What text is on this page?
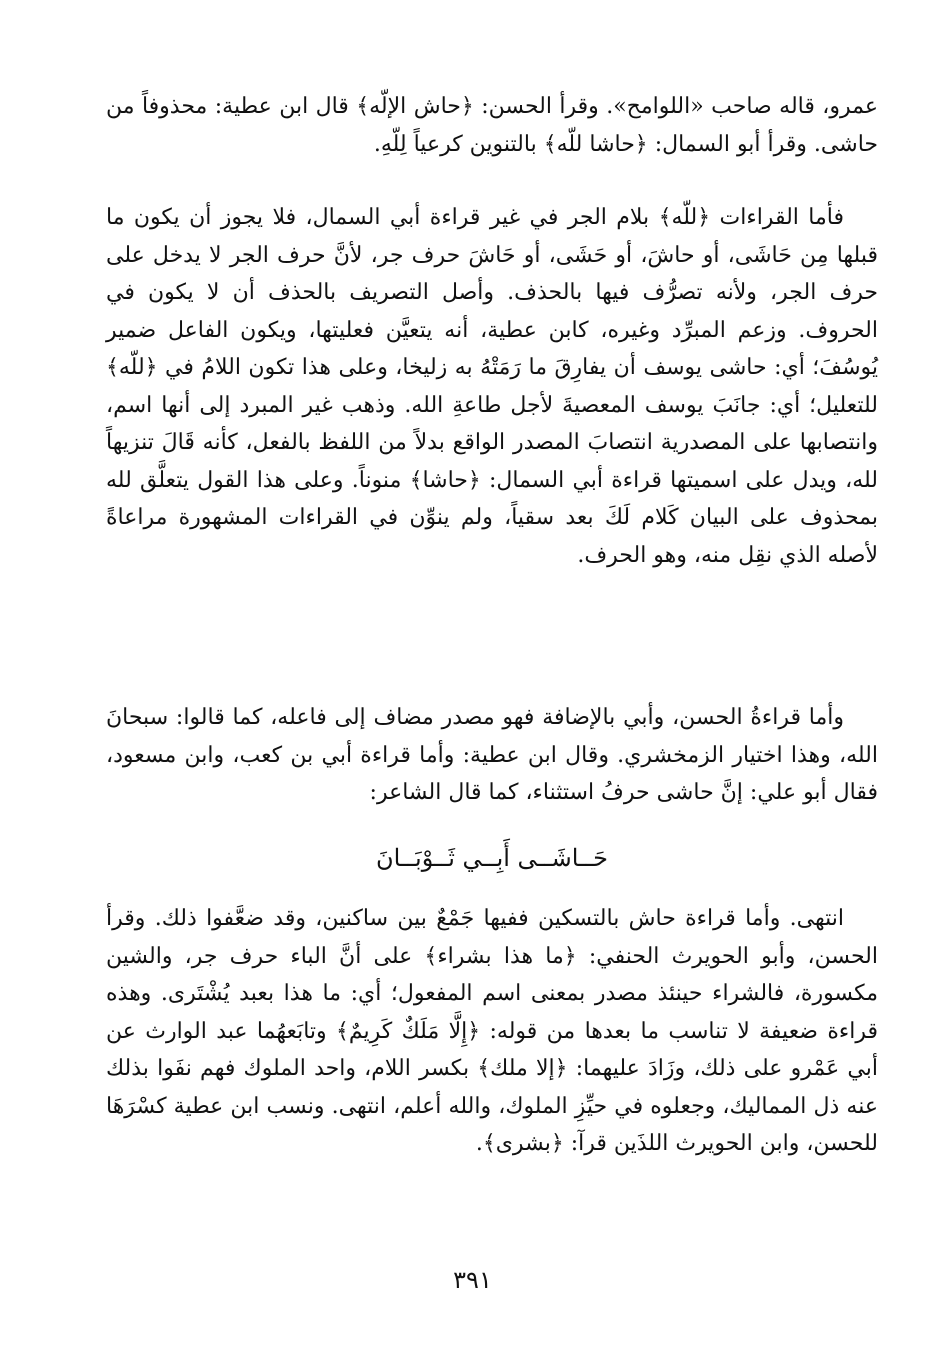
عمرو، قاله صاحب «اللوامح». وقرأ الحسن: ﴿حاش الإلّه﴾ قال ابن عطية: محذوفاً من حاشى. وقرأ أبو السمال: ﴿حاشا للّه﴾ بالتنوين كرعياً لِلّهِ.

فأما القراءات ﴿للّه﴾ بلام الجر في غير قراءة أبي السمال، فلا يجوز أن يكون ما قبلها مِن حَاشَى، أو حاشَ، أو حَشَى، أو حَاشَ حرف جر، لأنَّ حرف الجر لا يدخل على حرف الجر، ولأنه تصرُّف فيها بالحذف. وأصل التصريف بالحذف أن لا يكون في الحروف. وزعم المبرِّد وغيره، كابن عطية، أنه يتعيَّن فعليتها، ويكون الفاعل ضمير يُوسُفَ؛ أي: حاشى يوسف أن يفارِقَ ما رَمَتْهُ به زليخا، وعلى هذا تكون اللامُ في ﴿للّه﴾ للتعليل؛ أي: جانَبَ يوسف المعصيةَ لأجل طاعةِ الله. وذهب غير المبرد إلى أنها اسم، وانتصابها على المصدرية انتصابَ المصدر الواقع بدلاً من اللفظ بالفعل، كأنه قَالَ تنزيهاً لله، ويدل على اسميتها قراءة أبي السمال: ﴿حاشا﴾ منوناً. وعلى هذا القول يتعلَّق لله بمحذوف على البيان كَلام لَكَ بعد سقياً، ولم ينوِّن في القراءات المشهورة مراعاةً لأصله الذي نقِل منه، وهو الحرف.

وأما قراءةُ الحسن، وأبي بالإضافة فهو مصدر مضاف إلى فاعله، كما قالوا: سبحانَ الله، وهذا اختيار الزمخشري. وقال ابن عطية: وأما قراءة أبي بن كعب، وابن مسعود، فقال أبو علي: إنَّ حاشى حرفُ استثناء، كما قال الشاعر:

حَــاشَــى أَبِــي ثَــوْبَــانَ

انتهى. وأما قراءة حاش بالتسكين ففيها جَمْعٌ بين ساكنين، وقد ضعَّفوا ذلك. وقرأ الحسن، وأبو الحويرث الحنفي: ﴿ما هذا بشراء﴾ على أنَّ الباء حرف جر، والشين مكسورة، فالشراء حينئذ مصدر بمعنى اسم المفعول؛ أي: ما هذا بعبد يُشْتَرى. وهذه قراءة ضعيفة لا تناسب ما بعدها من قوله: ﴿إِلَّا مَلَكٌ كَرِيمٌ﴾ وتابَعهُما عبد الوارث عن أبي عَمْرو على ذلك، وزَادَ عليهما: ﴿إلا ملك﴾ بكسر اللام، واحد الملوك فهم نفَوا بذلك عنه ذل المماليك، وجعلوه في حيِّزِ الملوك، والله أعلم، انتهى. ونسب ابن عطية كسْرَهَا للحسن، وابن الحويرث اللذَين قرآ: ﴿بشرى﴾.

٣٩١
